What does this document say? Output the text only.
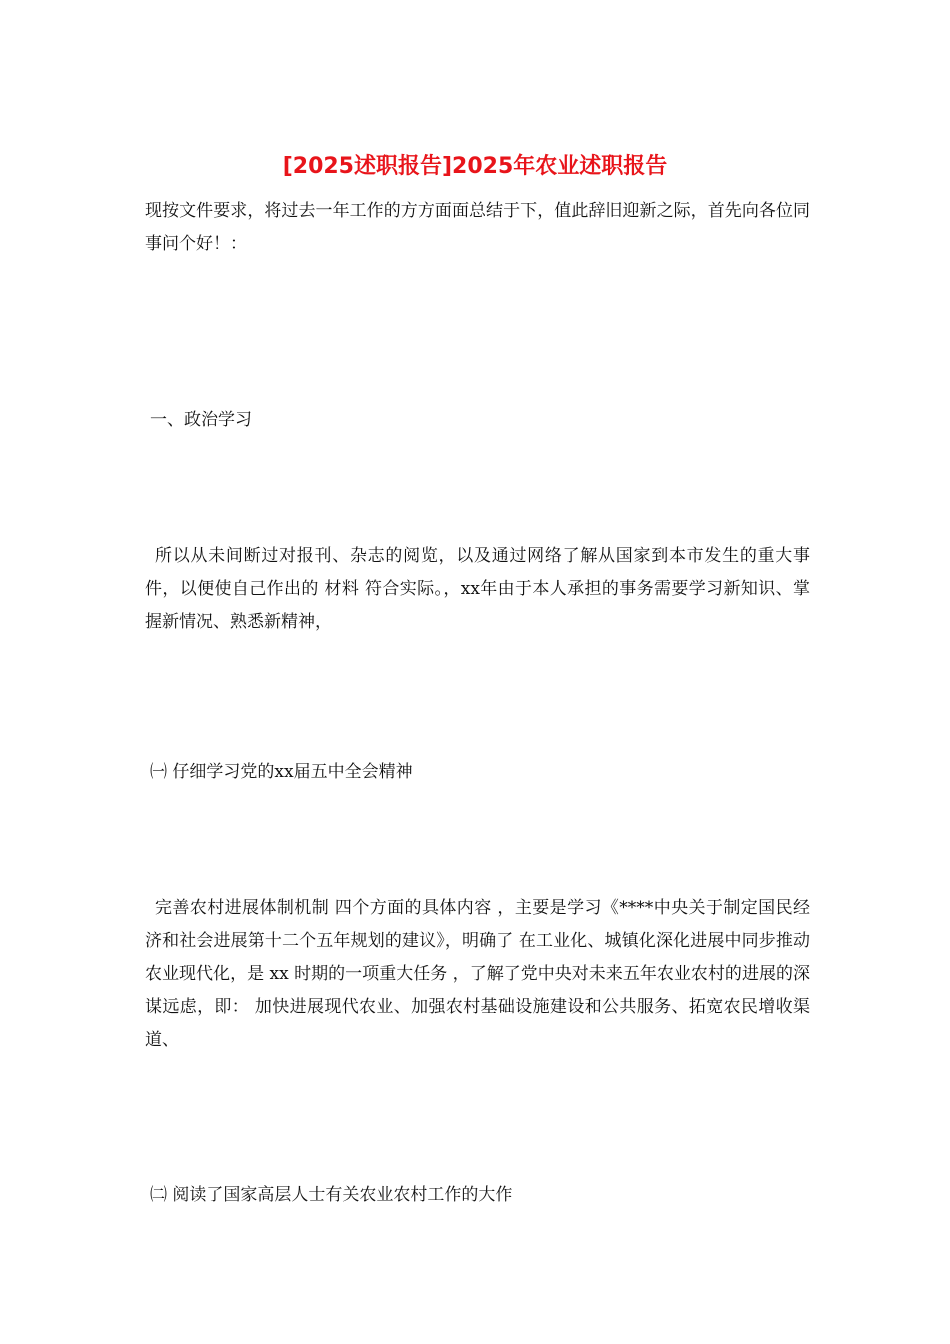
[2025述职报告]2025年农业述职报告

现按文件要求，将过去一年工作的方方面面总结于下，值此辞旧迎新之际，首先向各位同事问个好！：

一、政治学习

所以从未间断过对报刊、杂志的阅览，以及通过网络了解从国家到本市发生的重大事件，以便使自己作出的 材料 符合实际。，xx年由于本人承担的事务需要学习新知识、掌握新情况、熟悉新精神，

㈠ 仔细学习党的xx届五中全会精神

完善农村进展体制机制 四个方面的具体内容 ，主要是学习《****中央关于制定国民经济和社会进展第十二个五年规划的建议》，明确了 在工业化、城镇化深化进展中同步推动农业现代化，是 xx 时期的一项重大任务 ，了解了党中央对未来五年农业农村的进展的深谋远虑，即： 加快进展现代农业、加强农村基础设施建设和公共服务、拓宽农民增收渠道、

㈡ 阅读了国家高层人士有关农业农村工作的大作
